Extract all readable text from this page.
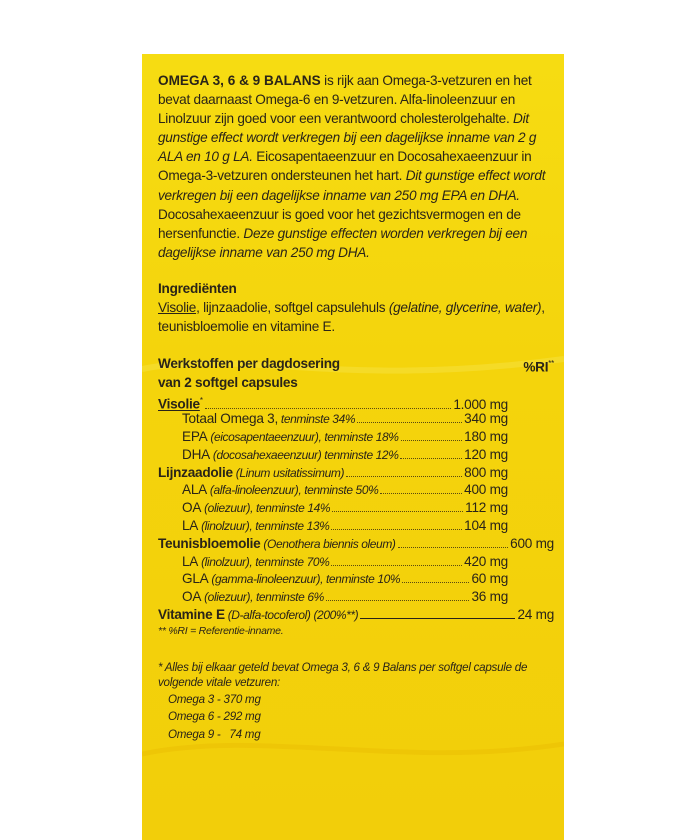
OMEGA 3, 6 & 9 BALANS is rijk aan Omega-3-vetzuren en het bevat daarnaast Omega-6 en 9-vetzuren. Alfa-linoleenzuur en Linolzuur zijn goed voor een verantwoord cholesterolgehalte. Dit gunstige effect wordt verkregen bij een dagelijkse inname van 2 g ALA en 10 g LA. Eicosapentaeenzuur en Docosahexaeenzuur in Omega-3-vetzuren ondersteunen het hart. Dit gunstige effect wordt verkregen bij een dagelijkse inname van 250 mg EPA en DHA. Docosahexaeenzuur is goed voor het gezichtsvermogen en de hersenfunctie. Deze gunstige effecten worden verkregen bij een dagelijkse inname van 250 mg DHA.

Ingrediënten

Visolie, lijnzaadolie, softgel capsulehuls (gelatine, glycerine, water), teunisbloemolie en vitamine E.

Werkstoffen per dagdosering
van 2 softgel capsules
%RI**
Visolie*	1.000 mg
Totaal Omega 3, tenminste 34%	340 mg
EPA (eicosapentaeenzuur), tenminste 18%	180 mg
DHA (docosahexaeenzuur) tenminste 12%	120 mg
Lijnzaadolie (Linum usitatissimum)	800 mg
ALA (alfa-linoleenzuur), tenminste 50%	400 mg
OA (oliezuur), tenminste 14%	112 mg
LA (linolzuur), tenminste 13%	104 mg
Teunisbloemolie (Oenothera biennis oleum)	600 mg
LA (linolzuur), tenminste 70%	420 mg
GLA (gamma-linoleenzuur), tenminste 10%	60 mg
OA (oliezuur), tenminste 6%	36 mg
Vitamine E (D-alfa-tocoferol) (200%**)	24 mg
** %RI = Referentie-inname.
* Alles bij elkaar geteld bevat Omega 3, 6 & 9 Balans per softgel capsule de volgende vitale vetzuren:
Omega 3 - 370 mg
Omega 6 - 292 mg
Omega 9 -   74 mg
